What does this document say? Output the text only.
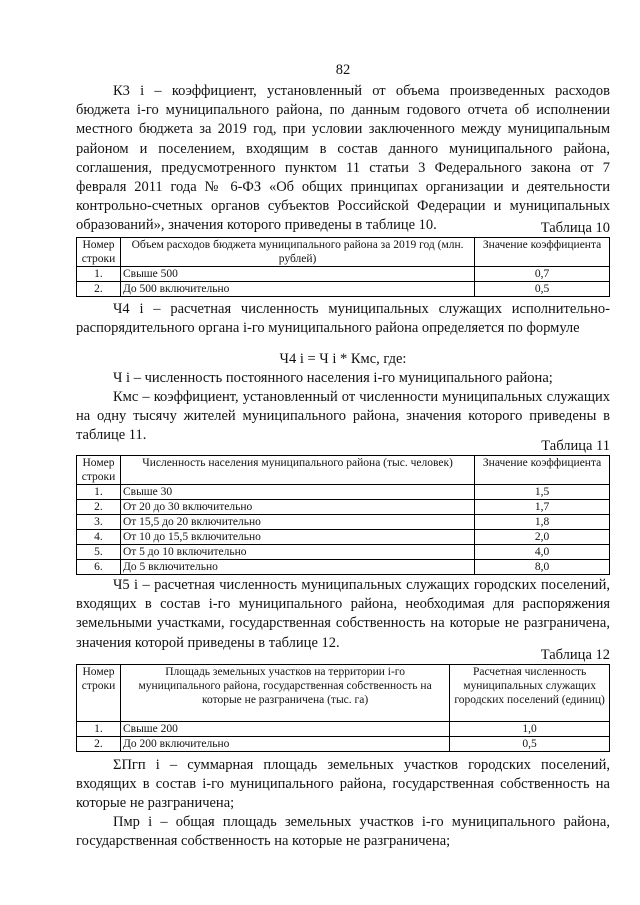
82

К3 i – коэффициент, установленный от объема произведенных расходов бюджета i-го муниципального района, по данным годового отчета об исполнении местного бюджета за 2019 год, при условии заключенного между муниципальным районом и поселением, входящим в состав данного муниципального района, соглашения, предусмотренного пунктом 11 статьи 3 Федерального закона от 7 февраля 2011 года № 6-ФЗ «Об общих принципах организации и деятельности контрольно-счетных органов субъектов Российской Федерации и муниципальных образований», значения которого приведены в таблице 10.	Таблица 10
Номер строки	Объем расходов бюджета муниципального района за 2019 год (млн. рублей)	Значение коэффициента
1.	Свыше 500	0,7
2.	До 500 включительно	0,5

Ч4 i – расчетная численность муниципальных служащих исполнительно-распорядительного органа i-го муниципального района определяется по формуле

Ч4 i = Ч i * Кмс, где:

Ч i – численность постоянного населения i-го муниципального района;

Кмс – коэффициент, установленный от численности муниципальных служащих на одну тысячу жителей муниципального района, значения которого приведены в таблице 11.

Таблица 11
Номер строки	Численность населения муниципального района (тыс. человек)	Значение коэффициента
1.	Свыше 30	1,5
2.	От 20 до 30 включительно	1,7
3.	От 15,5 до 20 включительно	1,8
4.	От 10 до 15,5 включительно	2,0
5.	От 5 до 10 включительно	4,0
6.	До 5 включительно	8,0

Ч5 i – расчетная численность муниципальных служащих городских поселений, входящих в состав i-го муниципального района, необходимая для распоряжения земельными участками, государственная собственность на которые не разграничена, значения которой приведены в таблице 12.

Таблица 12
Номер строки	Площадь земельных участков на территории i-го муниципального района, государственная собственность на которые не разграничена (тыс. га)	Расчетная численность муниципальных служащих городских поселений (единиц)
1.	Свыше 200	1,0
2.	До 200 включительно	0,5

ΣПгп i – суммарная площадь земельных участков городских поселений, входящих в состав i-го муниципального района, государственная собственность на которые не разграничена;

Пмр i – общая площадь земельных участков i-го муниципального района, государственная собственность на которые не разграничена;
